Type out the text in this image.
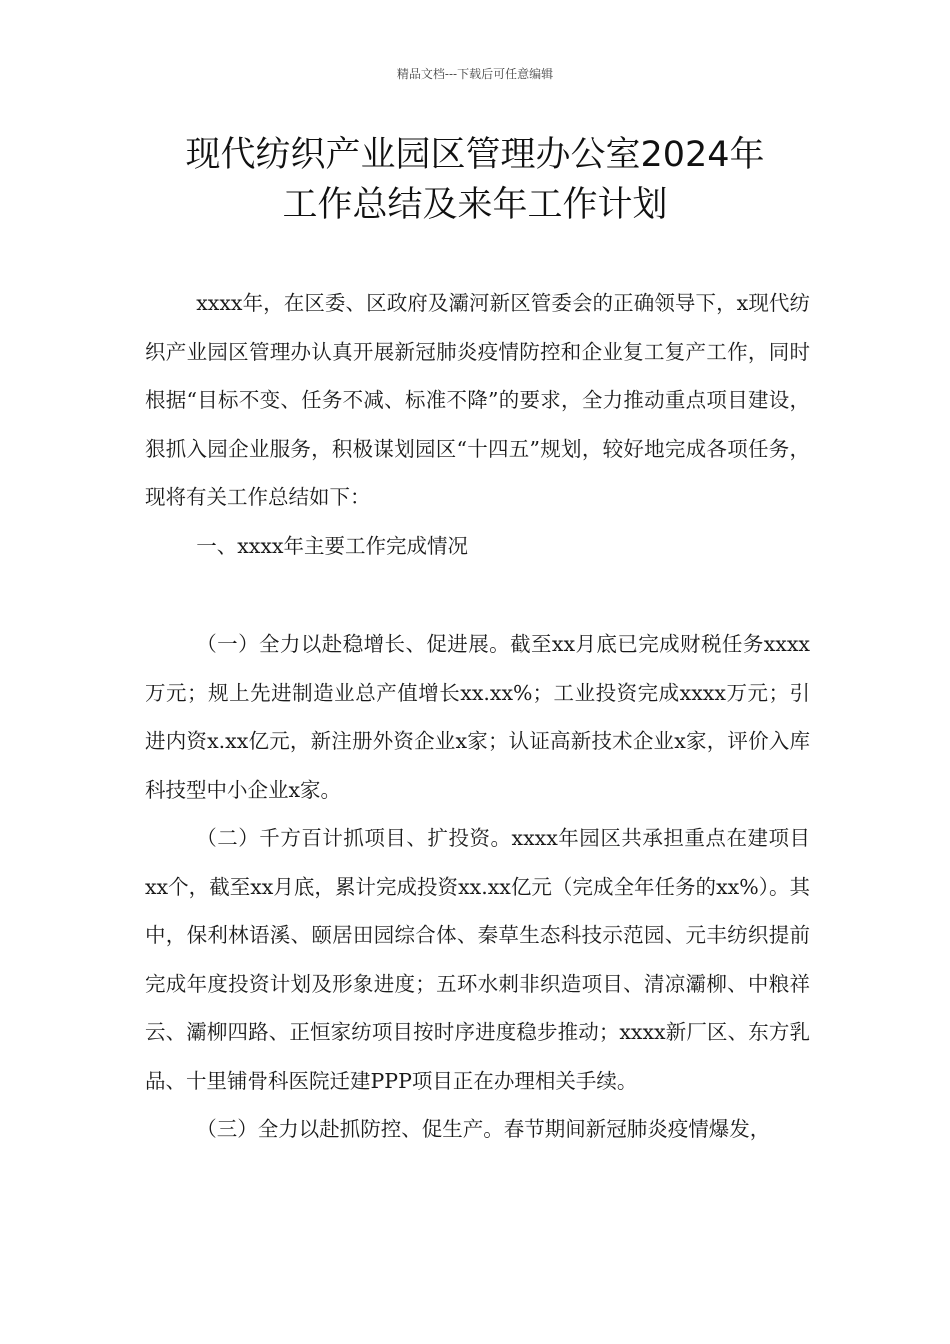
精品文档---下载后可任意编辑
现代纺织产业园区管理办公室2024年
工作总结及来年工作计划

xxxx年，在区委、区政府及灞河新区管委会的正确领导下，x现代纺织产业园区管理办认真开展新冠肺炎疫情防控和企业复工复产工作，同时根据“目标不变、任务不减、标准不降”的要求，全力推动重点项目建设，狠抓入园企业服务，积极谋划园区“十四五”规划，较好地完成各项任务，现将有关工作总结如下：

一、xxxx年主要工作完成情况

（一）全力以赴稳增长、促进展。截至xx月底已完成财税任务xxxx万元；规上先进制造业总产值增长xx.xx%；工业投资完成xxxx万元；引进内资x.xx亿元，新注册外资企业x家；认证高新技术企业x家，评价入库科技型中小企业x家。

（二）千方百计抓项目、扩投资。xxxx年园区共承担重点在建项目xx个，截至xx月底，累计完成投资xx.xx亿元（完成全年任务的xx%）。其中，保利林语溪、颐居田园综合体、秦草生态科技示范园、元丰纺织提前完成年度投资计划及形象进度；五环水刺非织造项目、清凉灞柳、中粮祥云、灞柳四路、正恒家纺项目按时序进度稳步推动；xxxx新厂区、东方乳品、十里铺骨科医院迁建PPP项目正在办理相关手续。

（三）全力以赴抓防控、促生产。春节期间新冠肺炎疫情爆发，
